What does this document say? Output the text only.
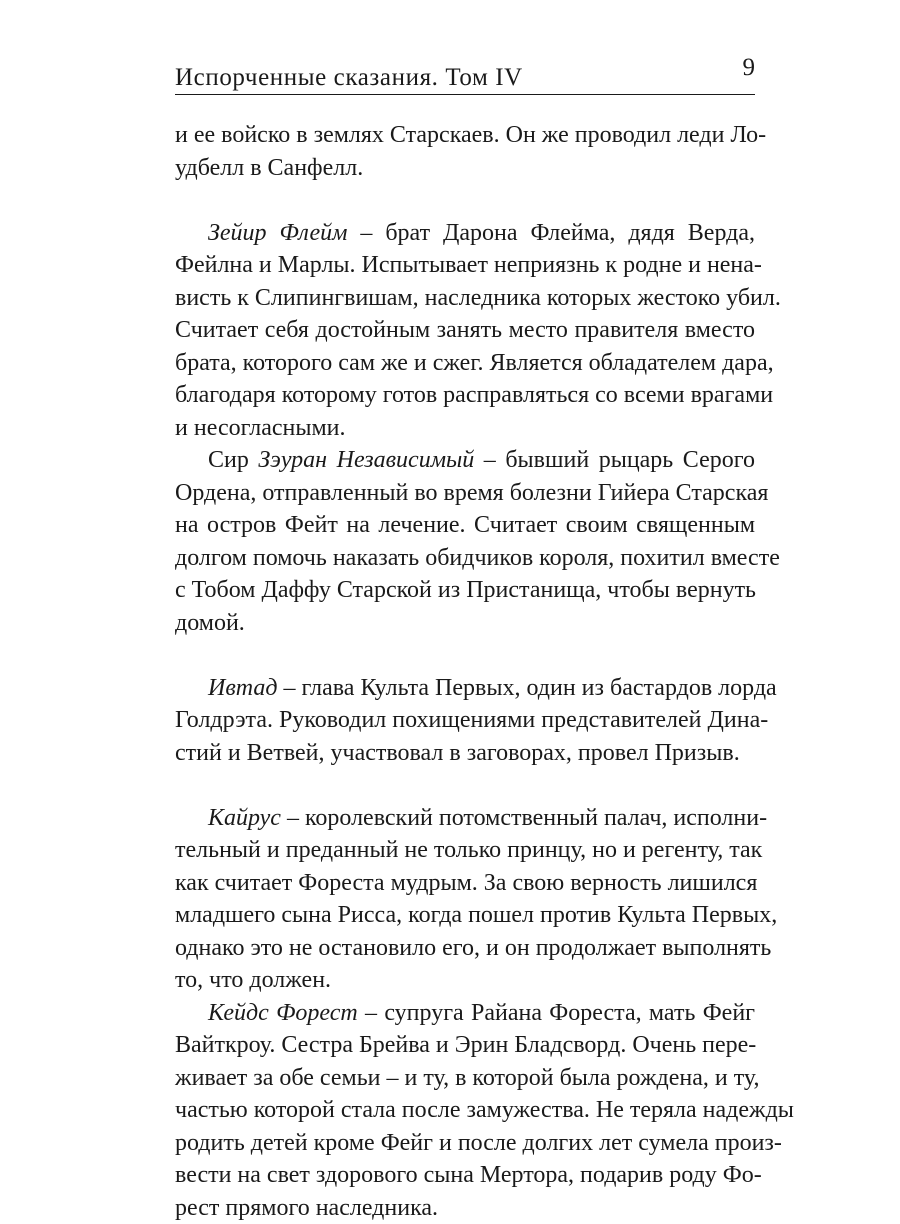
Испорченные сказания. Том IV	9
и ее войско в землях Старскаев. Он же проводил леди Ло-
удбелл в Санфелл.
Зейир Флейм – брат Дарона Флейма, дядя Верда,
Фейлна и Марлы. Испытывает неприязнь к родне и нена-
висть к Слипингвишам, наследника которых жестоко убил.
Считает себя достойным занять место правителя вместо
брата, которого сам же и сжег. Является обладателем дара,
благодаря которому готов расправляться со всеми врагами
и несогласными.
Сир Зэуран Независимый – бывший рыцарь Серого
Ордена, отправленный во время болезни Гийера Старская
на остров Фейт на лечение. Считает своим священным
долгом помочь наказать обидчиков короля, похитил вместе
с Тобом Даффу Старской из Пристанища, чтобы вернуть
домой.
Ивтад – глава Культа Первых, один из бастардов лорда
Голдрэта. Руководил похищениями представителей Дина-
стий и Ветвей, участвовал в заговорах, провел Призыв.
Кайрус – королевский потомственный палач, исполни-
тельный и преданный не только принцу, но и регенту, так
как считает Фореста мудрым. За свою верность лишился
младшего сына Рисса, когда пошел против Культа Первых,
однако это не остановило его, и он продолжает выполнять
то, что должен.
Кейдс Форест – супруга Райана Фореста, мать Фейг
Вайткроу. Сестра Брейва и Эрин Бладсворд. Очень пере-
живает за обе семьи – и ту, в которой была рождена, и ту,
частью которой стала после замужества. Не теряла надежды
родить детей кроме Фейг и после долгих лет сумела произ-
вести на свет здорового сына Мертора, подарив роду Фо-
рест прямого наследника.
